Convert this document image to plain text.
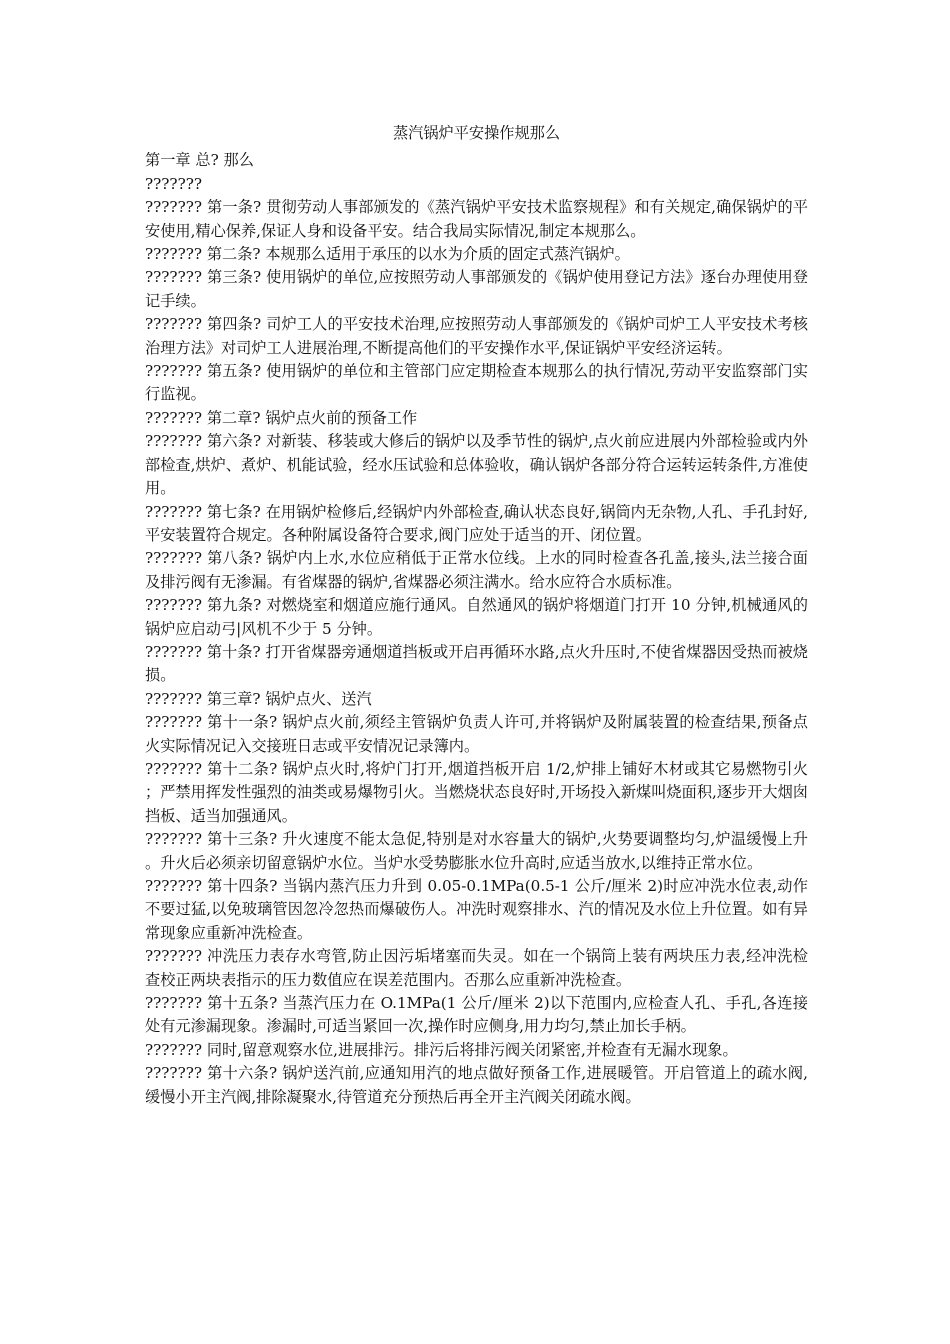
蒸汽锅炉平安操作规那么

第一章 总? 那么

???????

??????? 第一条? 贯彻劳动人事部颁发的《蒸汽锅炉平安技术监察规程》和有关规定,确保锅炉的平安使用,精心保养,保证人身和设备平安。结合我局实际情况,制定本规那么。

??????? 第二条? 本规那么适用于承压的以水为介质的固定式蒸汽锅炉。

??????? 第三条? 使用锅炉的单位,应按照劳动人事部颁发的《锅炉使用登记方法》逐台办理使用登记手续。

??????? 第四条? 司炉工人的平安技术治理,应按照劳动人事部颁发的《锅炉司炉工人平安技术考核治理方法》对司炉工人进展治理,不断提高他们的平安操作水平,保证锅炉平安经济运转。

??????? 第五条? 使用锅炉的单位和主管部门应定期检查本规那么的执行情况,劳动平安监察部门实行监视。

??????? 第二章? 锅炉点火前的预备工作

??????? 第六条? 对新装、移装或大修后的锅炉以及季节性的锅炉,点火前应进展内外部检验或内外部检查,烘炉、煮炉、机能试验，经水压试验和总体验收，确认锅炉各部分符合运转运转条件,方准使用。

??????? 第七条? 在用锅炉检修后,经锅炉内外部检查,确认状态良好,锅筒内无杂物,人孔、手孔封好,平安装置符合规定。各种附属设备符合要求,阀门应处于适当的开、闭位置。

??????? 第八条? 锅炉内上水,水位应稍低于正常水位线。上水的同时检查各孔盖,接头,法兰接合面及排污阀有无渗漏。有省煤器的锅炉,省煤器必须注满水。给水应符合水质标准。

??????? 第九条? 对燃烧室和烟道应施行通风。自然通风的锅炉将烟道门打开 10 分钟,机械通风的锅炉应启动弓|风机不少于 5 分钟。

??????? 第十条? 打开省煤器旁通烟道挡板或开启再循环水路,点火升压时,不使省煤器因受热而被烧损。

??????? 第三章? 锅炉点火、送汽

??????? 第十一条? 锅炉点火前,须经主管锅炉负责人许可,并将锅炉及附属装置的检查结果,预备点火实际情况记入交接班日志或平安情况记录簿内。

??????? 第十二条? 锅炉点火时,将炉门打开,烟道挡板开启 1/2,炉排上铺好木材或其它易燃物引火；严禁用挥发性强烈的油类或易爆物引火。当燃烧状态良好时,开场投入新煤叫烧面积,逐步开大烟囱挡板、适当加强通风。

??????? 第十三条? 升火速度不能太急促,特别是对水容量大的锅炉,火势要调整均匀,炉温缓慢上升。升火后必须亲切留意锅炉水位。当炉水受势膨胀水位升高时,应适当放水,以维持正常水位。

??????? 第十四条? 当锅内蒸汽压力升到 0.05-0.1MPa(0.5-1 公斤/厘米 2)时应冲洗水位表,动作不要过猛,以免玻璃管因忽冷忽热而爆破伤人。冲洗时观察排水、汽的情况及水位上升位置。如有异常现象应重新冲洗检查。

??????? 冲洗压力表存水弯管,防止因污垢堵塞而失灵。如在一个锅筒上装有两块压力表,经冲洗检查校正两块表指示的压力数值应在误差范围内。否那么应重新冲洗检查。

??????? 第十五条? 当蒸汽压力在 O.1MPa(1 公斤/厘米 2)以下范围内,应检查人孔、手孔,各连接处有元渗漏现象。渗漏时,可适当紧回一次,操作时应侧身,用力均匀,禁止加长手柄。

??????? 同时,留意观察水位,进展排污。排污后将排污阀关闭紧密,并检查有无漏水现象。

??????? 第十六条? 锅炉送汽前,应通知用汽的地点做好预备工作,进展暖管。开启管道上的疏水阀,缓慢小开主汽阀,排除凝聚水,待管道充分预热后再全开主汽阀关闭疏水阀。
